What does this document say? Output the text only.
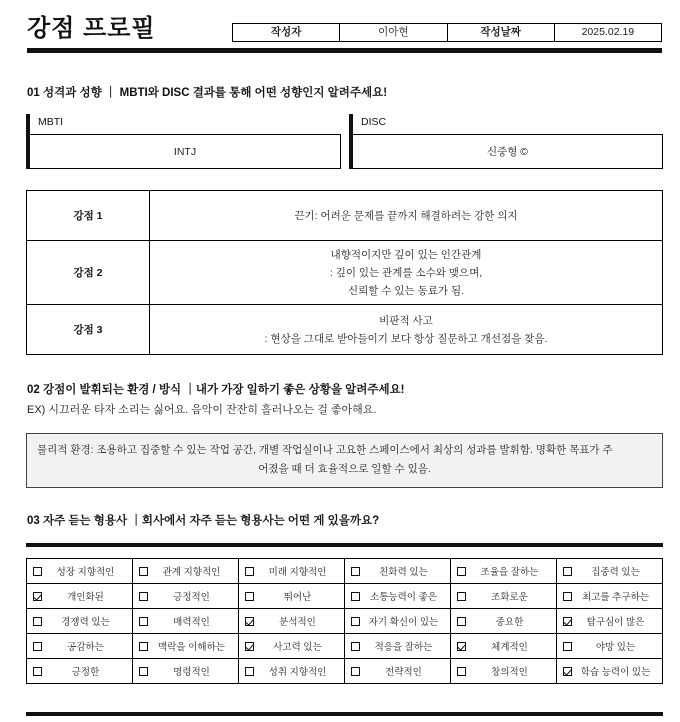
강점 프로필	작성자	이아현	작성날짜	2025.02.19
01 성격과 성향 ｜ MBTI와 DISC 결과를 통해 어떤 성향인지 알려주세요!
MBTI
INTJ
DISC
신중형 ©
강점 1	끈기: 어려운 문제를 끝까지 해결하려는 강한 의지

강점 2	내향적이지만 깊이 있는 인간관계
: 깊이 있는 관계를 소수와 맺으며,
신뢰할 수 있는 동료가 됨.

강점 3	비판적 사고
: 현상을 그대로 받아들이기 보다 항상 질문하고 개선점을 찾음.
02 강점이 발휘되는 환경 / 방식 ｜내가 가장 일하기 좋은 상황을 알려주세요!
EX) 시끄러운 타자 소리는 싫어요. 음악이 잔잔히 흘러나오는 걸 좋아해요.
물리적 환경: 조용하고 집중할 수 있는 작업 공간, 개별 작업실이나 고요한 스페이스에서 최상의 성과를 발휘함. 명확한 목표가 주
어졌을 때 더 효율적으로 일할 수 있음.
03 자주 듣는 형용사 ｜회사에서 자주 듣는 형용사는 어떤 게 있을까요?
성장 지향적인	관계 지향적인	미래 지향적인	친화력 있는	조율을 잘하는	집중력 있는

개인화된	긍정적인	뛰어난	소통능력이 좋은	조화로운	최고를 추구하는

경쟁력 있는	매력적인	분석적인	자기 확신이 있는	중요한	탐구심이 많은

공감하는	맥락을 이해하는	사고력 있는	적응을 잘하는	체계적인	야망 있는

긍정한	명령적인	성취 지향적인	전략적인	창의적인	학습 능력이 있는
